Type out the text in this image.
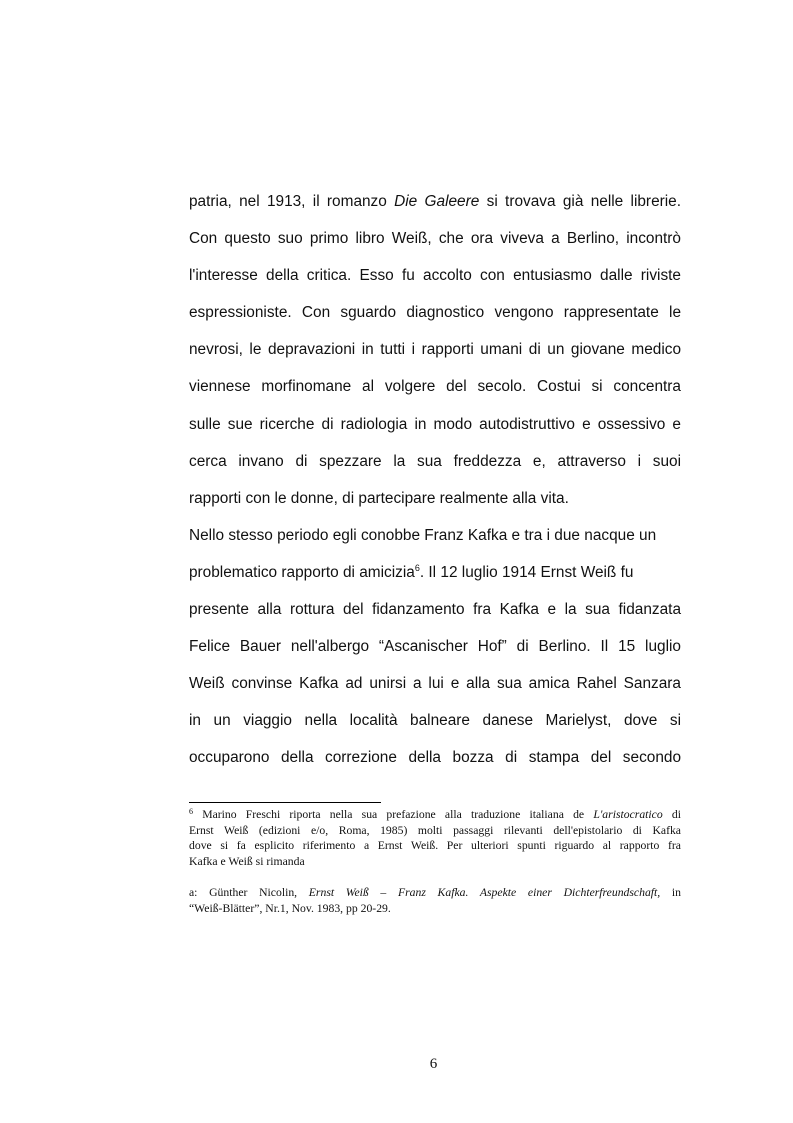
patria, nel 1913, il romanzo Die Galeere si trovava già nelle librerie.
Con questo suo primo libro Weiß, che ora viveva a Berlino, incontrò
l'interesse della critica. Esso fu accolto con entusiasmo dalle riviste
espressioniste. Con sguardo diagnostico vengono rappresentate le
nevrosi, le depravazioni in tutti i rapporti umani di un giovane medico
viennese morfinomane al volgere del secolo. Costui si concentra
sulle sue ricerche di radiologia in modo autodistruttivo e ossessivo e
cerca invano di spezzare la sua freddezza e, attraverso i suoi
rapporti con le donne, di partecipare realmente alla vita.
Nello stesso periodo egli conobbe Franz Kafka e tra i due nacque un
problematico rapporto di amicizia$^6$. Il 12 luglio 1914 Ernst Weiß fu
presente alla rottura del fidanzamento fra Kafka e la sua fidanzata
Felice Bauer nell'albergo “Ascanischer Hof” di Berlino. Il 15 luglio
Weiß convinse Kafka ad unirsi a lui e alla sua amica Rahel Sanzara
in un viaggio nella località balneare danese Marielyst, dove si
occuparono della correzione della bozza di stampa del secondo
$^6$ Marino Freschi riporta nella sua prefazione alla traduzione italiana de L'aristocratico di
Ernst Weiß (edizioni e/o, Roma, 1985) molti passaggi rilevanti dell'epistolario di Kafka
dove si fa esplicito riferimento a Ernst Weiß. Per ulteriori spunti riguardo al rapporto fra
Kafka e Weiß si rimanda
a: Günther Nicolin, Ernst Weiß – Franz Kafka. Aspekte einer Dichterfreundschaft, in
“Weiß-Blätter”, Nr.1, Nov. 1983, pp 20-29.
6
